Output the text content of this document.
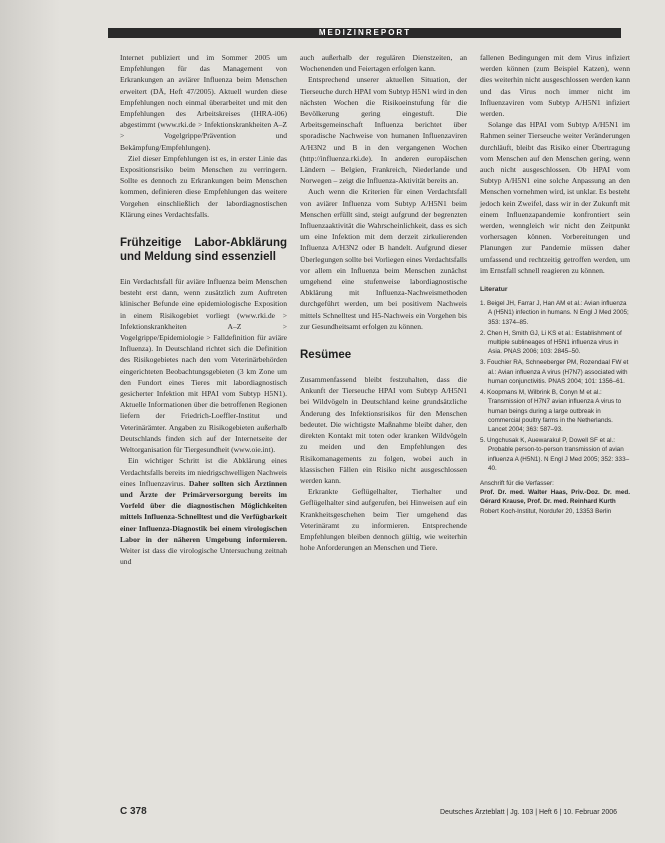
MEDIZINREPORT

Internet publiziert und im Sommer 2005 um Empfehlungen für das Management von Erkrankungen an aviärer Influenza beim Menschen erweitert (DÄ, Heft 47/2005). Aktuell wurden diese Empfehlungen noch einmal überarbeitet und mit den Empfehlungen des Arbeitskreises (IHRA-i06) abgestimmt (www.rki.de > Infektionskrankheiten A–Z > Vogelgrippe/Prävention und Bekämpfung/Empfehlungen).

Ziel dieser Empfehlungen ist es, in erster Linie das Expositionsrisiko beim Menschen zu verringern. Sollte es dennoch zu Erkrankungen beim Menschen kommen, definieren diese Empfehlungen das weitere Vorgehen einschließlich der labordiagnostischen Klärung eines Verdachtsfalls.

Frühzeitige Labor-Abklärung und Meldung sind essenziell

Ein Verdachtsfall für aviäre Influenza beim Menschen besteht erst dann, wenn zusätzlich zum Auftreten klinischer Befunde eine epidemiologische Exposition in einem Risikogebiet vorliegt (www.rki.de > Infektionskrankheiten A–Z > Vogelgrippe/Epidemiologie > Falldefinition für aviäre Influenza). In Deutschland richtet sich die Definition des Risikogebietes nach den vom Veterinärbehörden eingerichteten Beobachtungsgebieten (3 km Zone um den Fundort eines Tieres mit labordiagnostisch gesicherter Infektion mit HPAI vom Subtyp H5N1). Aktuelle Informationen über die betroffenen Regionen liefern der Friedrich-Loeffler-Institut und Veterinärämter. Angaben zu Risikogebieten außerhalb Deutschlands finden sich auf der Internetseite der Weltorganisation für Tiergesundheit (www.oie.int).

Ein wichtiger Schritt ist die Abklärung eines Verdachtsfalls bereits im niedrigschwelligen Nachweis eines Influenzavirus. Daher sollten sich Ärztinnen und Ärzte der Primärversorgung bereits im Vorfeld über die diagnostischen Möglichkeiten mittels Influenza-Schnelltest und die Verfügbarkeit einer Influenza-Diagnostik bei einem virologischen Labor in der näheren Umgebung informieren. Weiter ist dass die virologische Untersuchung zeitnah und

auch außerhalb der regulären Dienstzeiten, an Wochenenden und Feiertagen erfolgen kann.

Entsprechend unserer aktuellen Situation, der Tierseuche durch HPAI vom Subtyp H5N1 wird in den nächsten Wochen die Risikoeinstufung für die Bevölkerung gering eingestuft. Die Arbeitsgemeinschaft Influenza berichtet über sporadische Nachweise von humanen Influenzaviren A/H3N2 und B in den vergangenen Wochen (http://influenza.rki.de). In anderen europäischen Ländern – Belgien, Frankreich, Niederlande und Norwegen – zeigt die Influenza-Aktivität bereits an.

Auch wenn die Kriterien für einen Verdachtsfall von aviärer Influenza vom Subtyp A/H5N1 beim Menschen erfüllt sind, steigt aufgrund der begrenzten Influenzaaktivität die Wahrscheinlichkeit, dass es sich um eine Infektion mit dem derzeit zirkulierenden Influenza A/H3N2 oder B handelt. Aufgrund dieser Überlegungen sollte bei Vorliegen eines Verdachtsfalls vor allem ein Influenza beim Menschen zunächst umgehend eine stufenweise labordiagnostische Abklärung mit Influenza-Nachweismethoden durchgeführt werden, um bei positivem Nachweis mittels Schnelltest und H5-Nachweis ein Vorgehen bis zur Gesundheitsamt erfolgen zu können.

Resümee

Zusammenfassend bleibt festzuhalten, dass die Ankunft der Tierseuche HPAI vom Subtyp A/H5N1 bei Wildvögeln in Deutschland keine grundsätzliche Änderung des Infektionsrisikos für den Menschen bedeutet. Die wichtigste Maßnahme bleibt daher, den direkten Kontakt mit toten oder kranken Wildvögeln zu meiden und den Empfehlungen des Risikomanagements zu folgen, wobei auch in klassischen Fällen ein Risiko nicht ausgeschlossen werden kann.

Erkrankte Geflügelhalter, Tierhalter und Geflügelhalter sind aufgerufen, bei Hinweisen auf ein Krankheitsgeschehen beim Tier umgehend das Veterinäramt zu informieren. Entsprechende Empfehlungen bleiben dennoch gültig, wie weiterhin hohe Anforderungen an Menschen und Tiere.

fallenen Bedingungen mit dem Virus infiziert werden können (zum Beispiel Katzen), wenn dies weiterhin nicht ausgeschlossen werden kann und das Virus noch immer nicht im Influenzaviren vom Subtyp A/H5N1 infiziert werden.

Solange das HPAI vom Subtyp A/H5N1 im Rahmen seiner Tierseuche weiter Veränderungen durchläuft, bleibt das Risiko einer Übertragung vom Menschen auf den Menschen gering, wenn auch nicht ausgeschlossen. Ob HPAI vom Subtyp A/H5N1 eine solche Anpassung an den Menschen vornehmen wird, ist unklar. Es besteht jedoch kein Zweifel, dass wir in der Zukunft mit einem Influenzapandemie konfrontiert sein werden, wenngleich wir nicht den Zeitpunkt vorhersagen können. Vorbereitungen und Planungen zur Pandemie müssen daher umfassend und rechtzeitig getroffen werden, um im Ernstfall schnell reagieren zu können.

Literatur
1. Beigel JH, Farrar J, Han AM et al.: Avian influenza A (H5N1) infection in humans. N Engl J Med 2005; 353: 1374–85.
2. Chen H, Smith GJ, Li KS et al.: Establishment of multiple sublineages of H5N1 influenza virus in Asia. PNAS 2006; 103: 2845–50.
3. Fouchier RA, Schneeberger PM, Rozendaal FW et al.: Avian influenza A virus (H7N7) associated with human conjunctivitis. PNAS 2004; 101: 1356–61.
4. Koopmans M, Wilbrink B, Conyn M et al.: Transmission of H7N7 avian influenza A virus to human beings during a large outbreak in commercial poultry farms in the Netherlands. Lancet 2004; 363: 587–93.
5. Ungchusak K, Auewarakul P, Dowell SF et al.: Probable person-to-person transmission of avian influenza A (H5N1). N Engl J Med 2005; 352: 333–40.
Anschrift für die Verfasser:
Prof. Dr. med. Walter Haas, Priv.-Doz. Dr. med. Gérard Krause, Prof. Dr. med. Reinhard Kurth
Robert Koch-Institut, Nordufer 20, 13353 Berlin
C 378	Deutsches Ärzteblatt | Jg. 103 | Heft 6 | 10. Februar 2006
